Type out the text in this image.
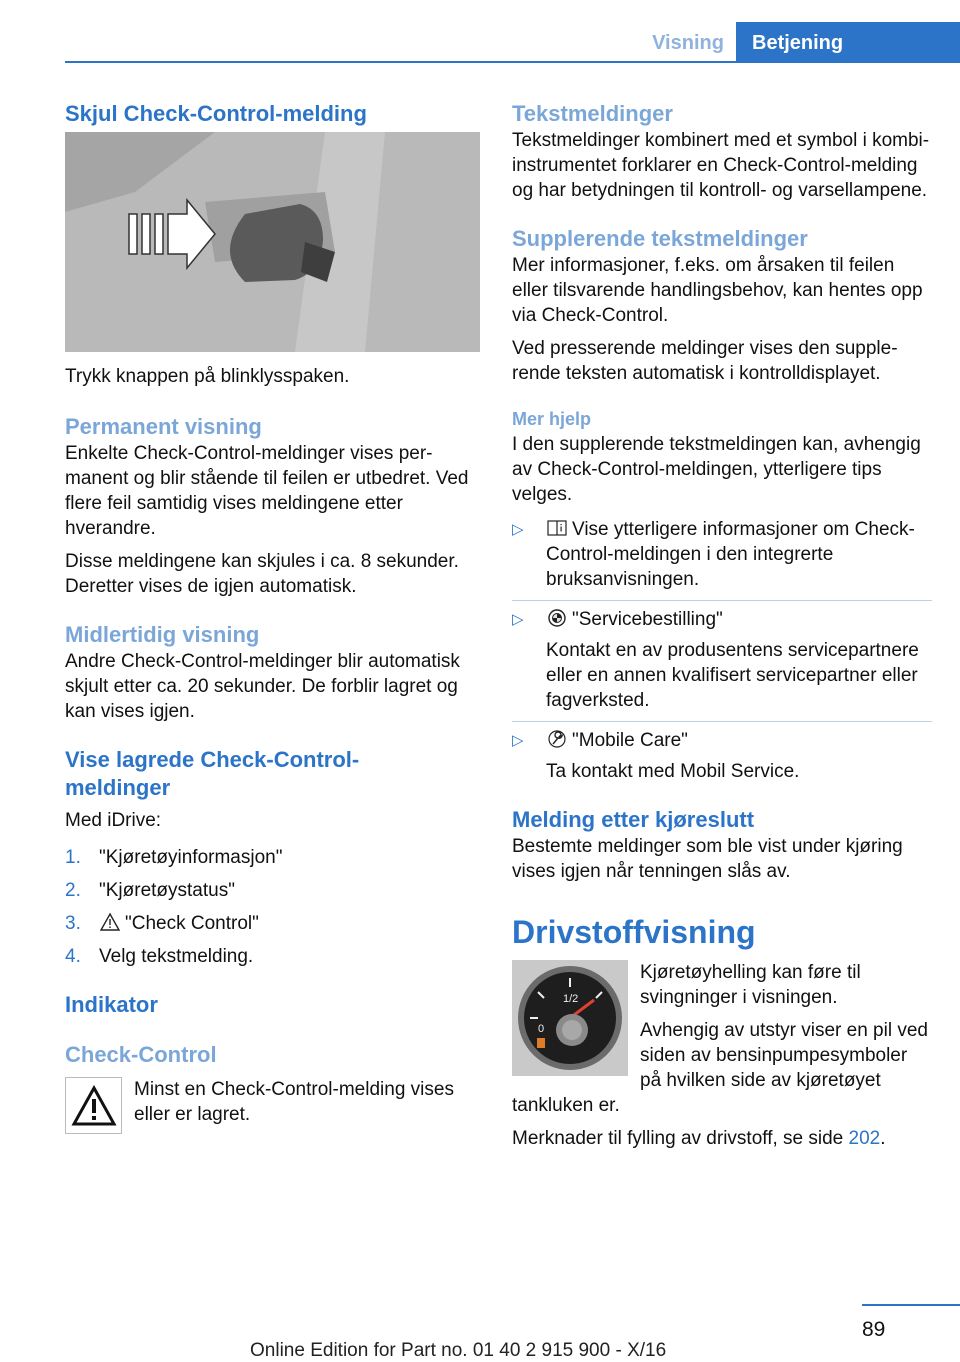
Visning	Betjening
Skjul Check-Control-melding

Trykk knappen på blinklysspaken.

Permanent visning

Enkelte Check-Control-meldinger vises permanent og blir stående til feilen er utbedret. Ved flere feil samtidig vises meldingene etter hverandre.

Disse meldingene kan skjules i ca. 8 sekunder. Deretter vises de igjen automatisk.

Midlertidig visning

Andre Check-Control-meldinger blir automatisk skjult etter ca. 20 sekunder. De forblir lagret og kan vises igjen.

Vise lagrede Check-Control-meldinger

Med iDrive:

1. "Kjøretøyinformasjon"
2. "Kjøretøystatus"
3.	"Check Control"
4. Velg tekstmelding.
Indikator
Check-Control

Minst en Check-Control-melding vises eller er lagret.

Tekstmeldinger

Tekstmeldinger kombinert med et symbol i kombi-instrumentet forklarer en Check-Control-melding og har betydningen til kontroll- og varsellampene.

Supplerende tekstmeldinger

Mer informasjoner, f.eks. om årsaken til feilen eller tilsvarende handlingsbehov, kan hentes opp via Check-Control.

Ved presserende meldinger vises den supplerende teksten automatisk i kontrolldisplayet.

Mer hjelp

I den supplerende tekstmeldingen kan, avhengig av Check-Control-meldingen, ytterligere tips velges.

▷	Vise ytterligere informasjoner om Check-Control-meldingen i den integrerte bruksanvisningen.
▷	"Servicebestilling"

Kontakt en av produsentens servicepartnere eller en annen kvalifisert servicepartner eller fagverksted.

▷	"Mobile Care"

Ta kontakt med Mobil Service.

Melding etter kjøreslutt

Bestemte meldinger som ble vist under kjøring vises igjen når tenningen slås av.

Drivstoffvisning
1/2
0

Kjøretøyhelling kan føre til svingninger i visningen.

Avhengig av utstyr viser en pil ved siden av bensinpumpesymboler på hvilken side av kjøretøyet tankluken er.

Merknader til fylling av drivstoff, se side 202.

89
Online Edition for Part no. 01 40 2 915 900 - X/16
